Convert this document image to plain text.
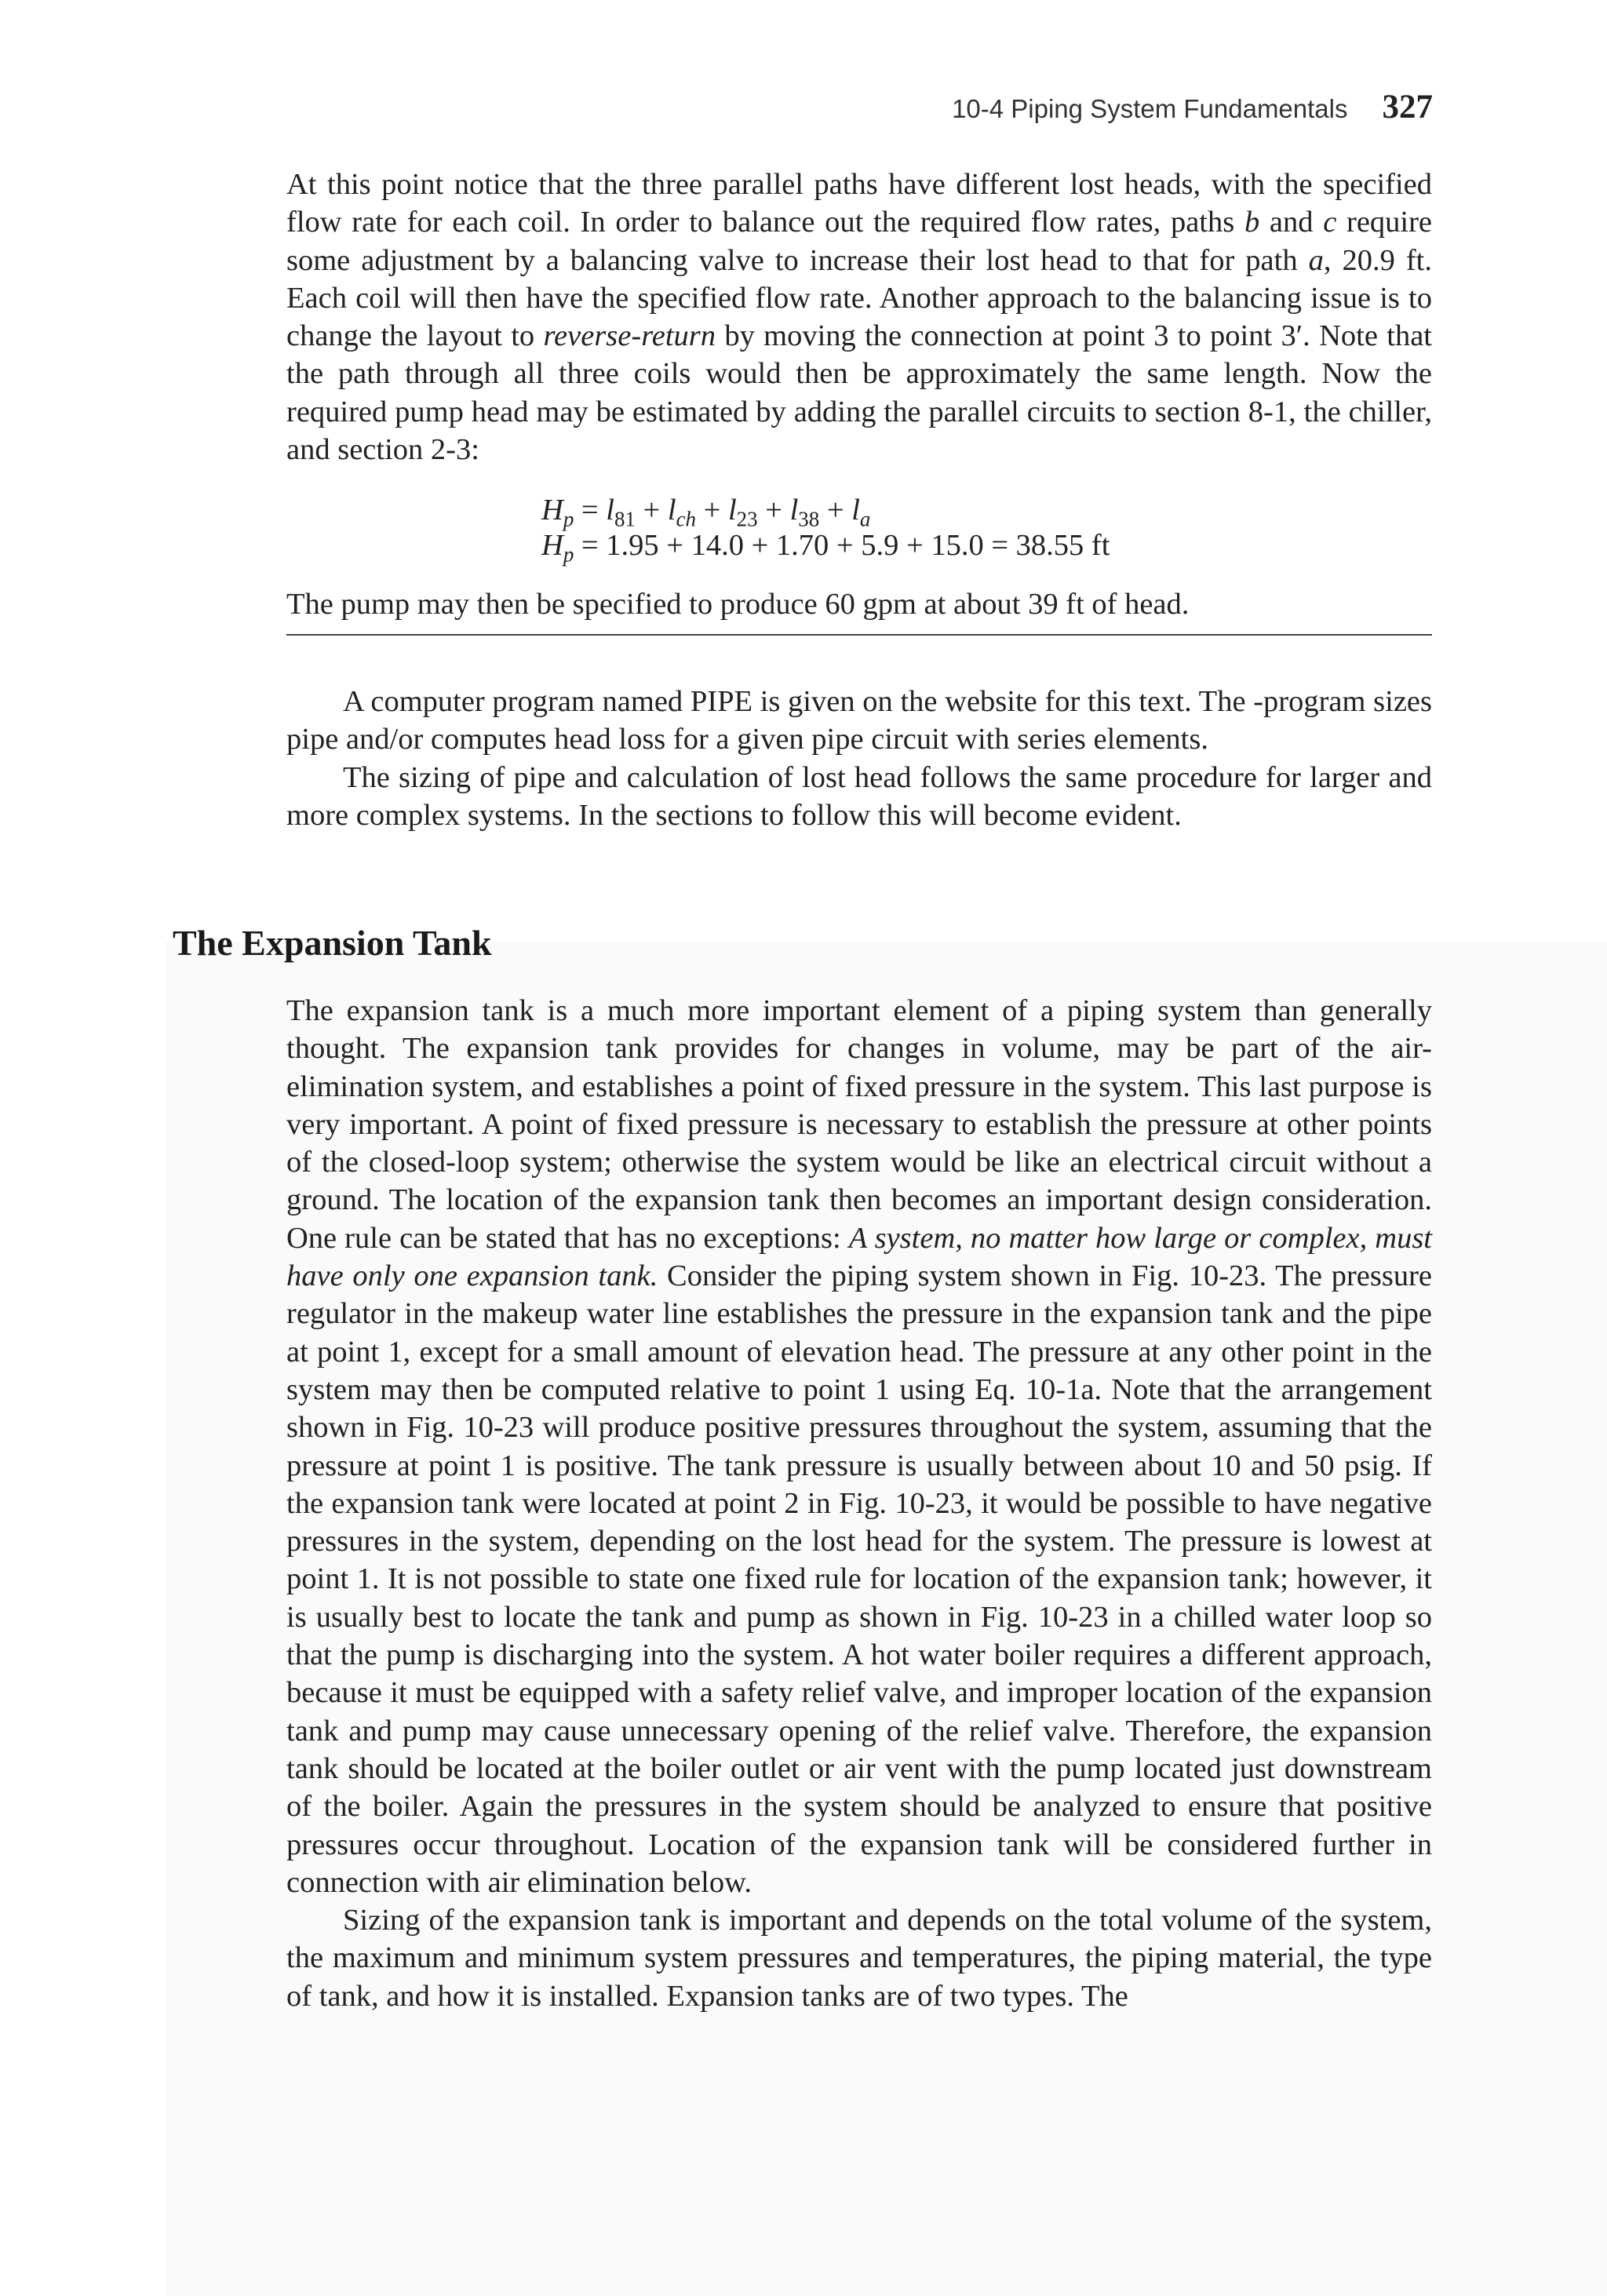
10-4 Piping System Fundamentals 327

At this point notice that the three parallel paths have different lost heads, with the specified flow rate for each coil. In order to balance out the required flow rates, paths b and c require some adjustment by a balancing valve to increase their lost head to that for path a, 20.9 ft. Each coil will then have the specified flow rate. Another approach to the balancing issue is to change the layout to reverse-return by moving the connection at point 3 to point 3′. Note that the path through all three coils would then be approximately the same length. Now the required pump head may be estimated by adding the parallel circuits to section 8-1, the chiller, and section 2-3:

$H_p = l_{81} + l_{ch} + l_{23} + l_{38} + l_a$
$H_p = 1.95 + 14.0 + 1.70 + 5.9 + 15.0 = 38.55$ ft

The pump may then be specified to produce 60 gpm at about 39 ft of head.

A computer program named PIPE is given on the website for this text. The -program sizes pipe and/or computes head loss for a given pipe circuit with series elements.

The sizing of pipe and calculation of lost head follows the same procedure for larger and more complex systems. In the sections to follow this will become evident.

The Expansion Tank

The expansion tank is a much more important element of a piping system than generally thought. The expansion tank provides for changes in volume, may be part of the air-elimination system, and establishes a point of fixed pressure in the system. This last purpose is very important. A point of fixed pressure is necessary to establish the pressure at other points of the closed-loop system; otherwise the system would be like an electrical circuit without a ground. The location of the expansion tank then becomes an important design consideration. One rule can be stated that has no exceptions: A system, no matter how large or complex, must have only one expansion tank. Consider the piping system shown in Fig. 10-23. The pressure regulator in the makeup water line establishes the pressure in the expansion tank and the pipe at point 1, except for a small amount of elevation head. The pressure at any other point in the system may then be computed relative to point 1 using Eq. 10-1a. Note that the arrangement shown in Fig. 10-23 will produce positive pressures throughout the system, assuming that the pressure at point 1 is positive. The tank pressure is usually between about 10 and 50 psig. If the expansion tank were located at point 2 in Fig. 10-23, it would be possible to have negative pressures in the system, depending on the lost head for the system. The pressure is lowest at point 1. It is not possible to state one fixed rule for location of the expansion tank; however, it is usually best to locate the tank and pump as shown in Fig. 10-23 in a chilled water loop so that the pump is discharging into the system. A hot water boiler requires a different approach, because it must be equipped with a safety relief valve, and improper location of the expansion tank and pump may cause unnecessary opening of the relief valve. Therefore, the expansion tank should be located at the boiler outlet or air vent with the pump located just downstream of the boiler. Again the pressures in the system should be analyzed to ensure that positive pressures occur throughout. Location of the expansion tank will be considered further in connection with air elimination below.

Sizing of the expansion tank is important and depends on the total volume of the system, the maximum and minimum system pressures and temperatures, the piping material, the type of tank, and how it is installed. Expansion tanks are of two types. The
